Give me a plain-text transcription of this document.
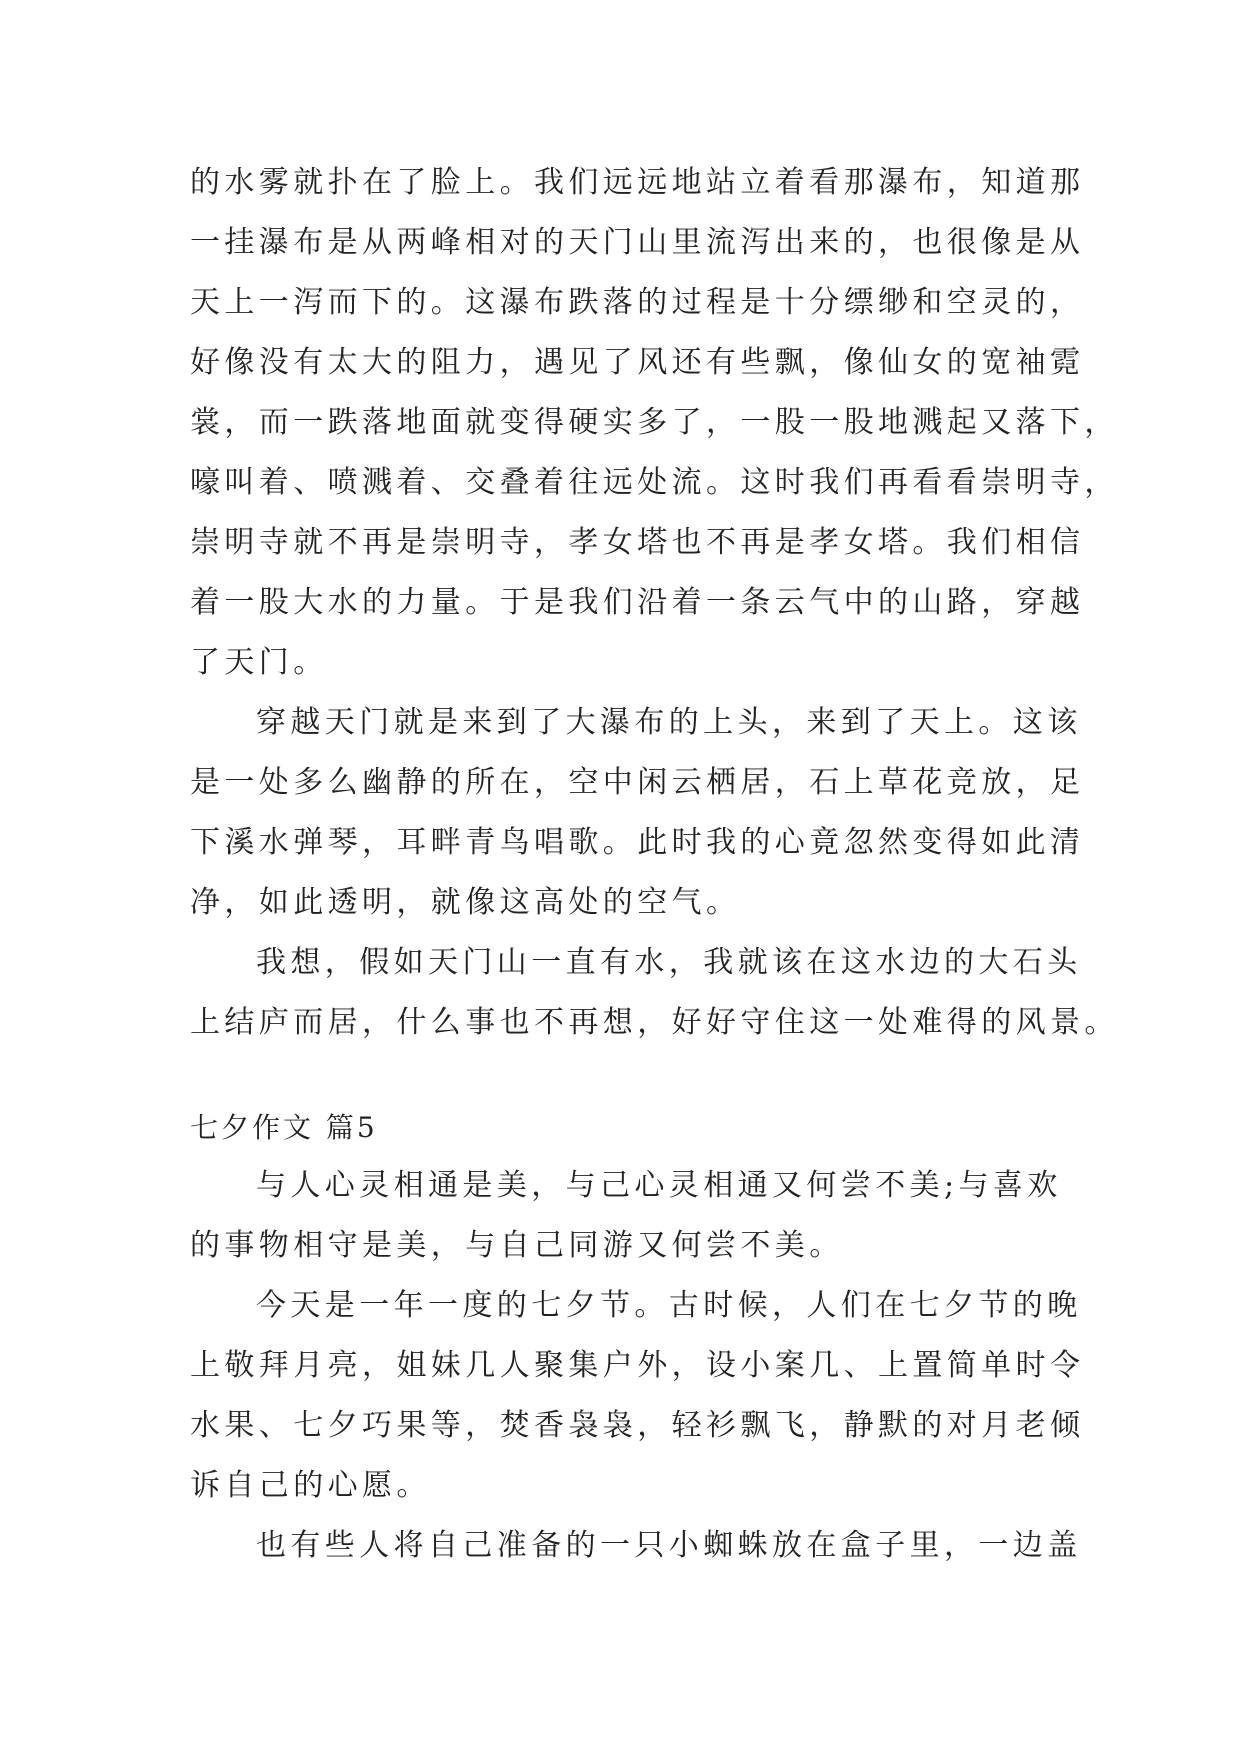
的水雾就扑在了脸上。我们远远地站立着看那瀑布，知道那
一挂瀑布是从两峰相对的天门山里流泻出来的，也很像是从
天上一泻而下的。这瀑布跌落的过程是十分缥缈和空灵的，
好像没有太大的阻力，遇见了风还有些飘，像仙女的宽袖霓
裳，而一跌落地面就变得硬实多了，一股一股地溅起又落下，
嚎叫着、喷溅着、交叠着往远处流。这时我们再看看崇明寺，
崇明寺就不再是崇明寺，孝女塔也不再是孝女塔。我们相信
着一股大水的力量。于是我们沿着一条云气中的山路，穿越
了天门。
穿越天门就是来到了大瀑布的上头，来到了天上。这该
是一处多么幽静的所在，空中闲云栖居，石上草花竞放，足
下溪水弹琴，耳畔青鸟唱歌。此时我的心竟忽然变得如此清
净，如此透明，就像这高处的空气。
我想，假如天门山一直有水，我就该在这水边的大石头
上结庐而居，什么事也不再想，好好守住这一处难得的风景。
七夕作文 篇5
与人心灵相通是美，与己心灵相通又何尝不美;与喜欢
的事物相守是美，与自己同游又何尝不美。
今天是一年一度的七夕节。古时候，人们在七夕节的晚
上敬拜月亮，姐妹几人聚集户外，设小案几、上置简单时令
水果、七夕巧果等，焚香袅袅，轻衫飘飞，静默的对月老倾
诉自己的心愿。
也有些人将自己准备的一只小蜘蛛放在盒子里，一边盖
